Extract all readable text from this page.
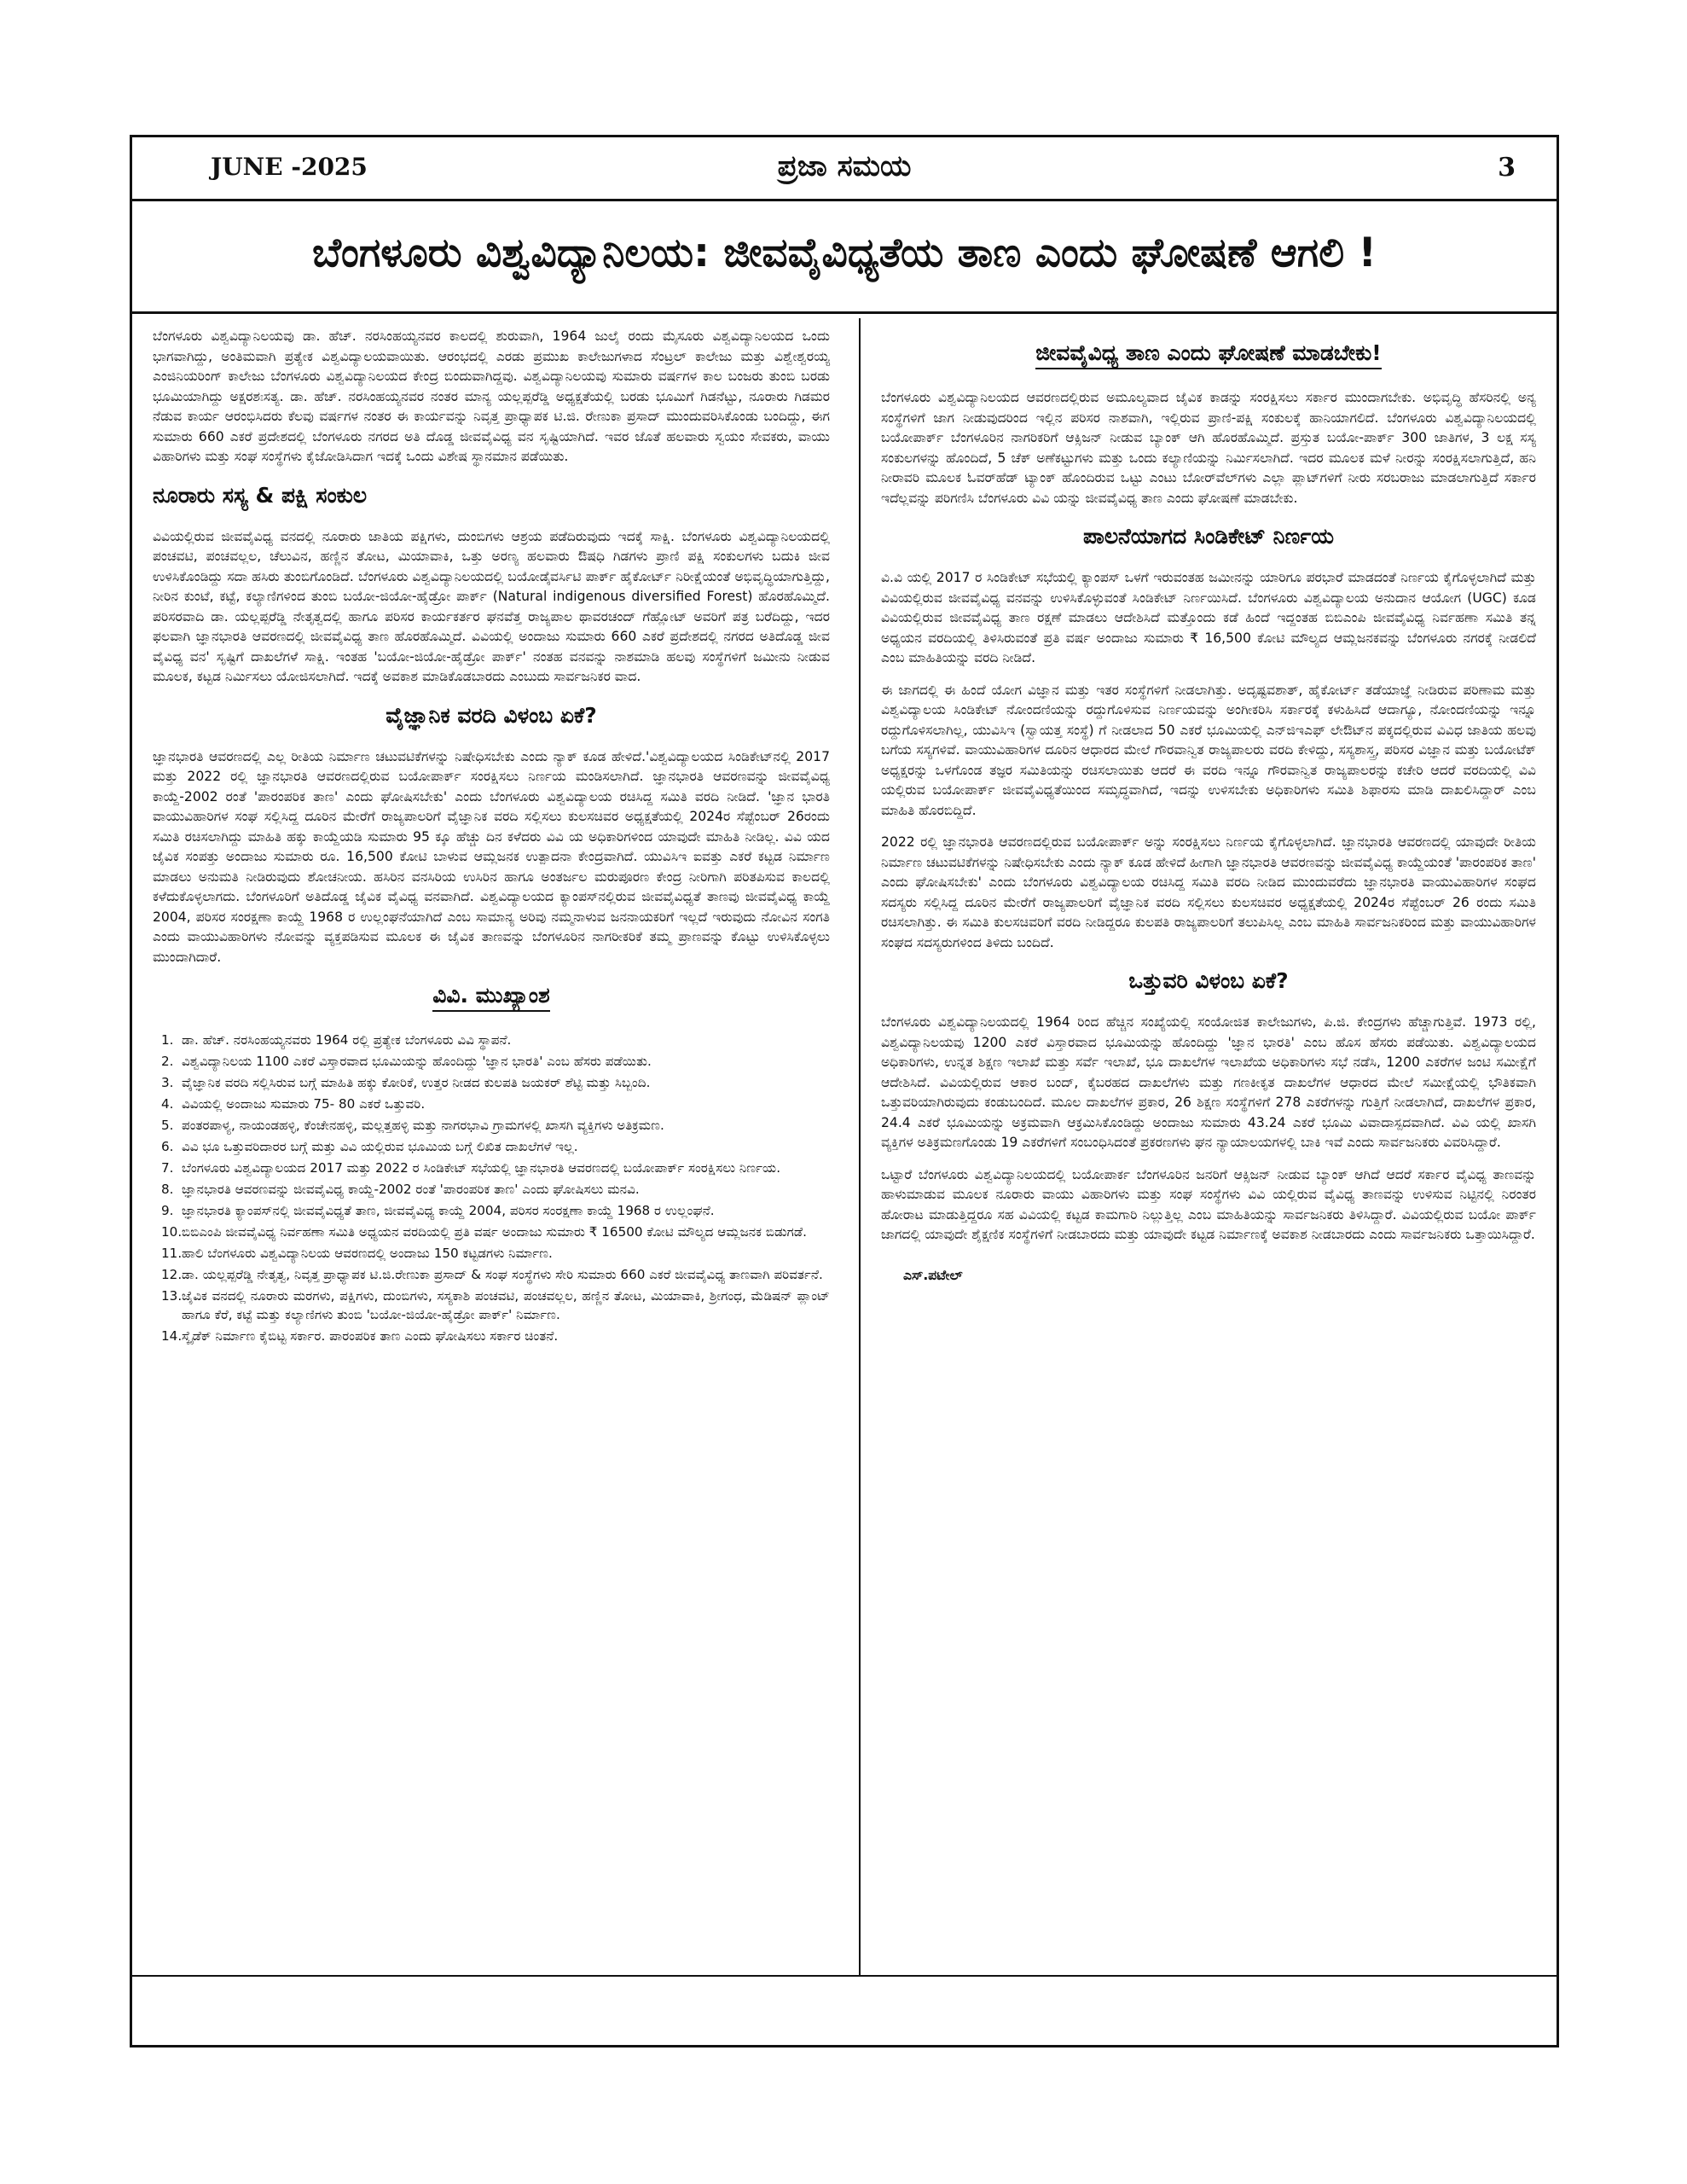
JUNE -2025	ಪ್ರಜಾ ಸಮಯ	3
ಬೆಂಗಳೂರು ವಿಶ್ವವಿದ್ಯಾನಿಲಯ: ಜೀವವೈವಿಧ್ಯತೆಯ ತಾಣ ಎಂದು ಘೋಷಣೆ ಆಗಲಿ !

ಬೆಂಗಳೂರು ವಿಶ್ವವಿದ್ಯಾನಿಲಯವು ಡಾ. ಹೆಚ್. ನರಸಿಂಹಯ್ಯನವರ ಕಾಲದಲ್ಲಿ ಶುರುವಾಗಿ, 1964 ಜುಲೈ ರಂದು ಮೈಸೂರು ವಿಶ್ವವಿದ್ಯಾನಿಲಯದ ಒಂದು ಭಾಗವಾಗಿದ್ದು, ಅಂತಿಮವಾಗಿ ಪ್ರತ್ಯೇಕ ವಿಶ್ವವಿದ್ಯಾಲಯವಾಯಿತು. ಆರಂಭದಲ್ಲಿ ಎರಡು ಪ್ರಮುಖ ಕಾಲೇಜುಗಳಾದ ಸೆಂಟ್ರಲ್ ಕಾಲೇಜು ಮತ್ತು ವಿಶ್ವೇಶ್ವರಯ್ಯ ಎಂಜಿನಿಯರಿಂಗ್ ಕಾಲೇಜು ಬೆಂಗಳೂರು ವಿಶ್ವವಿದ್ಯಾನಿಲಯದ ಕೇಂದ್ರ ಬಿಂದುವಾಗಿದ್ದವು. ವಿಶ್ವವಿದ್ಯಾನಿಲಯವು ಸುಮಾರು ವರ್ಷಗಳ ಕಾಲ ಬಂಜರು ತುಂಬಿ ಬರಡು ಭೂಮಿಯಾಗಿದ್ದು ಅಕ್ಷರಶಃಸತ್ಯ. ಡಾ. ಹೆಚ್. ನರಸಿಂಹಯ್ಯನವರ ನಂತರ ಮಾನ್ಯ ಯಲ್ಲಪ್ಪರೆಡ್ಡಿ ಅಧ್ಯಕ್ಷತೆಯಲ್ಲಿ ಬರಡು ಭೂಮಿಗೆ ಗಿಡನೆಟ್ಟು, ನೂರಾರು ಗಿಡಮರ ನೆಡುವ ಕಾರ್ಯ ಆರಂಭಿಸಿದರು ಕೆಲವು ವರ್ಷಗಳ ನಂತರ ಈ ಕಾರ್ಯವನ್ನು ನಿವೃತ್ತ ಪ್ರಾಧ್ಯಾಪಕ ಟಿ.ಜಿ. ರೇಣುಕಾ ಪ್ರಸಾದ್ ಮುಂದುವರಿಸಿಕೊಂಡು ಬಂದಿದ್ದು, ಈಗ ಸುಮಾರು 660 ಎಕರೆ ಪ್ರದೇಶದಲ್ಲಿ ಬೆಂಗಳೂರು ನಗರದ ಅತಿ ದೊಡ್ಡ ಜೀವವೈವಿಧ್ಯ ವನ ಸೃಷ್ಟಿಯಾಗಿದೆ. ಇವರ ಜೊತೆ ಹಲವಾರು ಸ್ವಯಂ ಸೇವಕರು, ವಾಯು ವಿಹಾರಿಗಳು ಮತ್ತು ಸಂಘ ಸಂಸ್ಥೆಗಳು ಕೈಜೋಡಿಸಿದಾಗ ಇದಕ್ಕೆ ಒಂದು ವಿಶೇಷ ಸ್ಥಾನಮಾನ ಪಡೆಯಿತು.

ನೂರಾರು ಸಸ್ಯ & ಪಕ್ಷಿ ಸಂಕುಲ

ವಿವಿಯಲ್ಲಿರುವ ಜೀವವೈವಿಧ್ಯ ವನದಲ್ಲಿ ನೂರಾರು ಜಾತಿಯ ಪಕ್ಷಿಗಳು, ದುಂಬಿಗಳು ಆಶ್ರಯ ಪಡೆದಿರುವುದು ಇದಕ್ಕೆ ಸಾಕ್ಷಿ. ಬೆಂಗಳೂರು ವಿಶ್ವವಿದ್ಯಾನಿಲಯದಲ್ಲಿ ಪಂಚವಟಿ, ಪಂಚವಲ್ಲಲ, ಚೆಲುವಿನ, ಹಣ್ಣಿನ ತೋಟ, ಮಿಯಾವಾಕಿ, ಒತ್ತು ಅರಣ್ಯ ಹಲವಾರು ಔಷಧಿ ಗಿಡಗಳು ಪ್ರಾಣಿ ಪಕ್ಷಿ ಸಂಕುಲಗಳು ಬದುಕಿ ಜೀವ ಉಳಿಸಿಕೊಂಡಿದ್ದು ಸದಾ ಹಸಿರು ತುಂಬಿಗೊಂಡಿದೆ. ಬೆಂಗಳೂರು ವಿಶ್ವವಿದ್ಯಾನಿಲಯದಲ್ಲಿ ಬಯೋಡೈವರ್ಸಿಟಿ ಪಾರ್ಕ್ ಹೈಕೋರ್ಟ್ ನಿರೀಕ್ಷೆಯಂತೆ ಅಭಿವೃದ್ಧಿಯಾಗುತ್ತಿದ್ದು, ನೀರಿನ ಕುಂಟೆ, ಕಟ್ಟೆ, ಕಲ್ಯಾಣಿಗಳಿಂದ ತುಂಬಿ ಬಯೋ-ಜಿಯೋ-ಹೈಡ್ರೋ ಪಾರ್ಕ್ (Natural indigenous diversified Forest) ಹೊರಹೊಮ್ಮಿದೆ. ಪರಿಸರವಾದಿ ಡಾ. ಯಲ್ಲಪ್ಪರೆಡ್ಡಿ ನೇತೃತ್ವದಲ್ಲಿ ಹಾಗೂ ಪರಿಸರ ಕಾರ್ಯಕರ್ತರ ಘನವೆತ್ತ ರಾಜ್ಯಪಾಲ ಥಾವರಚಂದ್ ಗೆಹ್ಲೋಟ್ ಅವರಿಗೆ ಪತ್ರ ಬರೆದಿದ್ದು, ಇದರ ಫಲವಾಗಿ ಜ್ಞಾನಭಾರತಿ ಆವರಣದಲ್ಲಿ ಜೀವವೈವಿಧ್ಯ ತಾಣ ಹೊರಹೊಮ್ಮಿದೆ. ವಿವಿಯಲ್ಲಿ ಅಂದಾಜು ಸುಮಾರು 660 ಎಕರೆ ಪ್ರದೇಶದಲ್ಲಿ ನಗರದ ಅತಿದೊಡ್ಡ ಜೀವ ವೈವಿಧ್ಯ ವನ' ಸೃಷ್ಟಿಗೆ ದಾಖಲೆಗಳೆ ಸಾಕ್ಷಿ. ಇಂತಹ 'ಬಯೋ-ಜಿಯೋ-ಹೈಡ್ರೋ ಪಾರ್ಕ್' ನಂತಹ ವನವನ್ನು ನಾಶಮಾಡಿ ಹಲವು ಸಂಸ್ಥೆಗಳಿಗೆ ಜಮೀನು ನೀಡುವ ಮೂಲಕ, ಕಟ್ಟಡ ನಿರ್ಮಿಸಲು ಯೋಜಿಸಲಾಗಿದೆ. ಇದಕ್ಕೆ ಅವಕಾಶ ಮಾಡಿಕೊಡಬಾರದು ಎಂಬುದು ಸಾರ್ವಜನಿಕರ ವಾದ.

ವೈಜ್ಞಾನಿಕ ವರದಿ ವಿಳಂಬ ಏಕೆ?

ಜ್ಞಾನಭಾರತಿ ಆವರಣದಲ್ಲಿ ಎಲ್ಲ ರೀತಿಯ ನಿರ್ಮಾಣ ಚಟುವಟಿಕೆಗಳನ್ನು ನಿಷೇಧಿಸಬೇಕು ಎಂದು ನ್ಯಾಕ್ ಕೂಡ ಹೇಳಿದೆ.'ವಿಶ್ವವಿದ್ಯಾಲಯದ ಸಿಂಡಿಕೇಟ್‌ನಲ್ಲಿ 2017 ಮತ್ತು 2022 ರಲ್ಲಿ ಜ್ಞಾನಭಾರತಿ ಆವರಣದಲ್ಲಿರುವ ಬಯೋಪಾರ್ಕ್ ಸಂರಕ್ಷಿಸಲು ನಿರ್ಣಯ ಮಂಡಿಸಲಾಗಿದೆ. ಜ್ಞಾನಭಾರತಿ ಆವರಣವನ್ನು ಜೀವವೈವಿಧ್ಯ ಕಾಯ್ದೆ-2002 ರಂತೆ 'ಪಾರಂಪರಿಕ ತಾಣ' ಎಂದು ಘೋಷಿಸಬೇಕು' ಎಂದು ಬೆಂಗಳೂರು ವಿಶ್ವವಿದ್ಯಾಲಯ ರಚಿಸಿದ್ದ ಸಮಿತಿ ವರದಿ ನೀಡಿದೆ. 'ಜ್ಞಾನ ಭಾರತಿ ವಾಯುವಿಹಾರಿಗಳ ಸಂಘ ಸಲ್ಲಿಸಿದ್ದ ದೂರಿನ ಮೇರೆಗೆ ರಾಜ್ಯಪಾಲರಿಗೆ ವೈಜ್ಞಾನಿಕ ವರದಿ ಸಲ್ಲಿಸಲು ಕುಲಸಚಿವರ ಅಧ್ಯಕ್ಷತೆಯಲ್ಲಿ 2024ರ ಸೆಪ್ಟೆಂಬರ್ 26ರಂದು ಸಮಿತಿ ರಚಿಸಲಾಗಿದ್ದು ಮಾಹಿತಿ ಹಕ್ಕು ಕಾಯ್ದೆಯಡಿ ಸುಮಾರು 95 ಕ್ಕೂ ಹೆಚ್ಚು ದಿನ ಕಳೆದರು ವಿವಿ ಯ ಅಧಿಕಾರಿಗಳಿಂದ ಯಾವುದೇ ಮಾಹಿತಿ ನೀಡಿಲ್ಲ. ವಿವಿ ಯದ ಜೈವಿಕ ಸಂಪತ್ತು ಅಂದಾಜು ಸುಮಾರು ರೂ. 16,500 ಕೋಟಿ ಬಾಳುವ ಆಮ್ಲಜನಕ ಉತ್ಪಾದನಾ ಕೇಂದ್ರವಾಗಿದೆ. ಯುವಿಸಿಇ ಐವತ್ತು ಎಕರೆ ಕಟ್ಟಡ ನಿರ್ಮಾಣ ಮಾಡಲು ಅನುಮತಿ ನೀಡಿರುವುದು ಶೋಚನೀಯ. ಹಸಿರಿನ ವನಸಿರಿಯ ಉಸಿರಿನ ಹಾಗೂ ಅಂತರ್ಜಲ ಮರುಪೂರಣ ಕೇಂದ್ರ ನೀರಿಗಾಗಿ ಪರಿತಪಿಸುವ ಕಾಲದಲ್ಲಿ ಕಳೆದುಕೊಳ್ಳಲಾಗದು. ಬೆಂಗಳೂರಿಗೆ ಅತಿದೊಡ್ಡ ಜೈವಿಕ ವೈವಿಧ್ಯ ವನವಾಗಿದೆ. ವಿಶ್ವವಿದ್ಯಾಲಯದ ಕ್ಯಾಂಪಸ್‌ನಲ್ಲಿರುವ ಜೀವವೈವಿಧ್ಯತೆ ತಾಣವು ಜೀವವೈವಿಧ್ಯ ಕಾಯ್ದೆ 2004, ಪರಿಸರ ಸಂರಕ್ಷಣಾ ಕಾಯ್ದೆ 1968 ರ ಉಲ್ಲಂಘನೆಯಾಗಿದೆ ಎಂಬ ಸಾಮಾನ್ಯ ಅರಿವು ನಮ್ಮನಾಳುವ ಜನನಾಯಕರಿಗೆ ಇಲ್ಲದೆ ಇರುವುದು ನೋವಿನ ಸಂಗತಿ ಎಂದು ವಾಯುವಿಹಾರಿಗಳು ನೋವನ್ನು ವ್ಯಕ್ತಪಡಿಸುವ ಮೂಲಕ ಈ ಜೈವಿಕ ತಾಣವನ್ನು ಬೆಂಗಳೂರಿನ ನಾಗರೀಕರಿಕೆ ತಮ್ಮ ಪ್ರಾಣವನ್ನು ಕೊಟ್ಟು ಉಳಿಸಿಕೊಳ್ಳಲು ಮುಂದಾಗಿದಾರೆ.

ವಿವಿ. ಮುಖ್ಯಾಂಶ
1. ಡಾ. ಹೆಚ್. ನರಸಿಂಹಯ್ಯನವರು 1964 ರಲ್ಲಿ ಪ್ರತ್ಯೇಕ ಬೆಂಗಳೂರು ವಿವಿ ಸ್ಥಾಪನೆ.
2. ವಿಶ್ವವಿದ್ಯಾನಿಲಯ 1100 ಎಕರೆ ವಿಸ್ತಾರವಾದ ಭೂಮಿಯನ್ನು ಹೊಂದಿದ್ದು 'ಜ್ಞಾನ ಭಾರತಿ' ಎಂಬ ಹೆಸರು ಪಡೆಯಿತು.
3. ವೈಜ್ಞಾನಿಕ ವರದಿ ಸಲ್ಲಿಸಿರುವ ಬಗ್ಗೆ ಮಾಹಿತಿ ಹಕ್ಕು ಕೋರಿಕೆ, ಉತ್ತರ ನೀಡದ ಕುಲಪತಿ ಜಯಕರ್ ಶೆಟ್ಟಿ ಮತ್ತು ಸಿಬ್ಬಂದಿ.
4. ವಿವಿಯಲ್ಲಿ ಅಂದಾಜು ಸುಮಾರು 75- 80 ಎಕರೆ ಒತ್ತುವರಿ.
5. ಪಂತರಪಾಳ್ಯ, ನಾಯಂಡಹಳ್ಳಿ, ಕೆಂಚೇನಹಳ್ಳಿ, ಮಲ್ಲತ್ತಹಳ್ಳಿ ಮತ್ತು ನಾಗರಭಾವಿ ಗ್ರಾಮಗಳಲ್ಲಿ ಖಾಸಗಿ ವ್ಯಕ್ತಿಗಳು ಅತಿಕ್ರಮಣ.
6. ವಿವಿ ಭೂ ಒತ್ತುವರಿದಾರರ ಬಗ್ಗೆ ಮತ್ತು ವಿವಿ ಯಲ್ಲಿರುವ ಭೂಮಿಯ ಬಗ್ಗೆ ಲಿಖಿತ ದಾಖಲೆಗಳೆ ಇಲ್ಲ.
7. ಬೆಂಗಳೂರು ವಿಶ್ವವಿದ್ಯಾಲಯದ 2017 ಮತ್ತು 2022 ರ ಸಿಂಡಿಕೇಟ್ ಸಭೆಯಲ್ಲಿ ಜ್ಞಾನಭಾರತಿ ಆವರಣದಲ್ಲಿ ಬಯೋಪಾರ್ಕ್ ಸಂರಕ್ಷಿಸಲು ನಿರ್ಣಯ.
8. ಜ್ಞಾನಭಾರತಿ ಆವರಣವನ್ನು ಜೀವವೈವಿಧ್ಯ ಕಾಯ್ದೆ-2002 ರಂತೆ 'ಪಾರಂಪರಿಕ ತಾಣ' ಎಂದು ಘೋಷಿಸಲು ಮನವಿ.
9. ಜ್ಞಾನಭಾರತಿ ಕ್ಯಾಂಪಸ್‌ನಲ್ಲಿ ಜೀವವೈವಿಧ್ಯತೆ ತಾಣ, ಜೀವವೈವಿಧ್ಯ ಕಾಯ್ದೆ 2004, ಪರಿಸರ ಸಂರಕ್ಷಣಾ ಕಾಯ್ದೆ 1968 ರ ಉಲ್ಲಂಘನೆ.
10.ಬಿಬಿಎಂಪಿ ಜೀವವೈವಿಧ್ಯ ನಿರ್ವಹಣಾ ಸಮಿತಿ ಅಧ್ಯಯನ ವರದಿಯಲ್ಲಿ ಪ್ರತಿ ವರ್ಷ ಅಂದಾಜು ಸುಮಾರು ₹ 16500 ಕೋಟಿ ಮೌಲ್ಯದ ಆಮ್ಲಜನಕ ಬಿಡುಗಡೆ.
11.ಹಾಲಿ ಬೆಂಗಳೂರು ವಿಶ್ವವಿದ್ಯಾನಿಲಯ ಆವರಣದಲ್ಲಿ ಅಂದಾಜು 150 ಕಟ್ಟಡಗಳು ನಿರ್ಮಾಣ.
12.ಡಾ. ಯಲ್ಲಪ್ಪರೆಡ್ಡಿ ನೇತೃತ್ವ, ನಿವೃತ್ತ ಪ್ರಾಧ್ಯಾಪಕ ಟಿ.ಜಿ.ರೇಣುಕಾ ಪ್ರಸಾದ್ & ಸಂಘ ಸಂಸ್ಥೆಗಳು ಸೇರಿ ಸುಮಾರು 660 ಎಕರೆ ಜೀವವೈವಿಧ್ಯ ತಾಣವಾಗಿ ಪರಿವರ್ತನೆ.
13.ಜೈವಿಕ ವನದಲ್ಲಿ ನೂರಾರು ಮರಗಳು, ಪಕ್ಷಿಗಳು, ದುಂಬಿಗಳು, ಸಸ್ಯಕಾಶಿ ಪಂಚವಟಿ, ಪಂಚವಲ್ಲಲ, ಹಣ್ಣಿನ ತೋಟ, ಮಿಯಾವಾಕಿ, ಶ್ರೀಗಂಧ, ಮೆಡಿಷನ್ ಪ್ಲಾಂಟ್ ಹಾಗೂ ಕೆರೆ, ಕಟ್ಟೆ ಮತ್ತು ಕಲ್ಯಾಣಿಗಳು ತುಂಬಿ 'ಬಯೋ-ಜಿಯೋ-ಹೈಡ್ರೋ ಪಾರ್ಕ್' ನಿರ್ಮಾಣ.
14.ಸ್ಕೈಡೆಕ್ ನಿರ್ಮಾಣ ಕೈಬಿಟ್ಟ ಸರ್ಕಾರ. ಪಾರಂಪರಿಕ ತಾಣ ಎಂದು ಘೋಷಿಸಲು ಸರ್ಕಾರ ಚಿಂತನೆ.
ಜೀವವೈವಿಧ್ಯ ತಾಣ ಎಂದು ಘೋಷಣೆ ಮಾಡಬೇಕು!

ಬೆಂಗಳೂರು ವಿಶ್ವವಿದ್ಯಾನಿಲಯದ ಆವರಣದಲ್ಲಿರುವ ಅಮೂಲ್ಯವಾದ ಜೈವಿಕ ಕಾಡನ್ನು ಸಂರಕ್ಷಿಸಲು ಸರ್ಕಾರ ಮುಂದಾಗಬೇಕು. ಅಭಿವೃದ್ಧಿ ಹೆಸರಿನಲ್ಲಿ ಅನ್ಯ ಸಂಸ್ಥೆಗಳಿಗೆ ಜಾಗ ನೀಡುವುದರಿಂದ ಇಲ್ಲಿನ ಪರಿಸರ ನಾಶವಾಗಿ, ಇಲ್ಲಿರುವ ಪ್ರಾಣಿ-ಪಕ್ಷಿ ಸಂಕುಲಕ್ಕೆ ಹಾನಿಯಾಗಲಿದೆ. ಬೆಂಗಳೂರು ವಿಶ್ವವಿದ್ಯಾನಿಲಯದಲ್ಲಿ ಬಯೋಪಾರ್ಕ್ ಬೆಂಗಳೂರಿನ ನಾಗರಿಕರಿಗೆ ಆಕ್ಸಿಜನ್ ನೀಡುವ ಬ್ಯಾಂಕ್ ಆಗಿ ಹೊರಹೊಮ್ಮಿದೆ. ಪ್ರಸ್ತುತ ಬಯೋ-ಪಾರ್ಕ್ 300 ಜಾತಿಗಳ, 3 ಲಕ್ಷ ಸಸ್ಯ ಸಂಕುಲಗಳನ್ನು ಹೊಂದಿದೆ, 5 ಚೆಕ್ ಅಣೆಕಟ್ಟುಗಳು ಮತ್ತು ಒಂದು ಕಲ್ಯಾಣಿಯನ್ನು ನಿರ್ಮಿಸಲಾಗಿದೆ. ಇದರ ಮೂಲಕ ಮಳೆ ನೀರನ್ನು ಸಂರಕ್ಷಿಸಲಾಗುತ್ತಿದೆ, ಹನಿ ನೀರಾವರಿ ಮೂಲಕ ಓವರ್‌ಹೆಡ್ ಟ್ಯಾಂಕ್ ಹೊಂದಿರುವ ಒಟ್ಟು ಎಂಟು ಬೋರ್‌ವೆಲ್‌ಗಳು ಎಲ್ಲಾ ಪ್ಲಾಟ್‌ಗಳಿಗೆ ನೀರು ಸರಬರಾಜು ಮಾಡಲಾಗುತ್ತಿದೆ ಸರ್ಕಾರ ಇದೆಲ್ಲವನ್ನು ಪರಿಗಣಿಸಿ ಬೆಂಗಳೂರು ವಿವಿ ಯನ್ನು ಜೀವವೈವಿಧ್ಯ ತಾಣ ಎಂದು ಘೋಷಣೆ ಮಾಡಬೇಕು.

ಪಾಲನೆಯಾಗದ ಸಿಂಡಿಕೇಟ್ ನಿರ್ಣಯ

ವಿ.ವಿ ಯಲ್ಲಿ 2017 ರ ಸಿಂಡಿಕೇಟ್ ಸಭೆಯಲ್ಲಿ ಕ್ಯಾಂಪಸ್ ಒಳಗೆ ಇರುವಂತಹ ಜಮೀನನ್ನು ಯಾರಿಗೂ ಪರಭಾರೆ ಮಾಡದಂತೆ ನಿರ್ಣಯ ಕೈಗೊಳ್ಳಲಾಗಿದೆ ಮತ್ತು ವಿವಿಯಲ್ಲಿರುವ ಜೀವವೈವಿಧ್ಯ ವನವನ್ನು ಉಳಿಸಿಕೊಳ್ಳುವಂತೆ ಸಿಂಡಿಕೇಟ್ ನಿರ್ಣಯಿಸಿದೆ. ಬೆಂಗಳೂರು ವಿಶ್ವವಿದ್ಯಾಲಯ ಅನುದಾನ ಆಯೋಗ (UGC) ಕೂಡ ವಿವಿಯಲ್ಲಿರುವ ಜೀವವೈವಿಧ್ಯ ತಾಣ ರಕ್ಷಣೆ ಮಾಡಲು ಆದೇಶಿಸಿದೆ ಮತ್ತೊಂದು ಕಡೆ ಹಿಂದೆ ಇದ್ದಂತಹ ಬಿಬಿಎಂಪಿ ಜೀವವೈವಿಧ್ಯ ನಿರ್ವಹಣಾ ಸಮಿತಿ ತನ್ನ ಅಧ್ಯಯನ ವರದಿಯಲ್ಲಿ ತಿಳಿಸಿರುವಂತೆ ಪ್ರತಿ ವರ್ಷ ಅಂದಾಜು ಸುಮಾರು ₹ 16,500 ಕೋಟಿ ಮೌಲ್ಯದ ಆಮ್ಲಜನಕವನ್ನು ಬೆಂಗಳೂರು ನಗರಕ್ಕೆ ನೀಡಲಿದೆ ಎಂಬ ಮಾಹಿತಿಯನ್ನು ವರದಿ ನೀಡಿದೆ.

ಈ ಜಾಗದಲ್ಲಿ ಈ ಹಿಂದೆ ಯೋಗ ವಿಜ್ಞಾನ ಮತ್ತು ಇತರ ಸಂಸ್ಥೆಗಳಿಗೆ ನೀಡಲಾಗಿತ್ತು. ಅದೃಷ್ಟವಶಾತ್, ಹೈಕೋರ್ಟ್ ತಡೆಯಾಜ್ಞೆ ನೀಡಿರುವ ಪರಿಣಾಮ ಮತ್ತು ವಿಶ್ವವಿದ್ಯಾಲಯ ಸಿಂಡಿಕೇಟ್ ನೋಂದಣಿಯನ್ನು ರದ್ದುಗೊಳಿಸುವ ನಿರ್ಣಯವನ್ನು ಅಂಗೀಕರಿಸಿ ಸರ್ಕಾರಕ್ಕೆ ಕಳುಹಿಸಿದೆ ಆದಾಗ್ಯೂ, ನೋಂದಣಿಯನ್ನು ಇನ್ನೂ ರದ್ದುಗೊಳಿಸಲಾಗಿಲ್ಲ, ಯುವಿಸಿಇ (ಸ್ವಾಯತ್ತ ಸಂಸ್ಥೆ) ಗೆ ನೀಡಲಾದ 50 ಎಕರೆ ಭೂಮಿಯಲ್ಲಿ ಎನ್‌ಜಿಇಎಫ್ ಲೇಔಟ್‌ನ ಪಕ್ಕದಲ್ಲಿರುವ ವಿವಿಧ ಜಾತಿಯ ಹಲವು ಬಗೆಯ ಸಸ್ಯಗಳಿವೆ. ವಾಯುವಿಹಾರಿಗಳ ದೂರಿನ ಆಧಾರದ ಮೇಲೆ ಗೌರವಾನ್ವಿತ ರಾಜ್ಯಪಾಲರು ವರದಿ ಕೇಳಿದ್ದು, ಸಸ್ಯಶಾಸ್ತ್ರ, ಪರಿಸರ ವಿಜ್ಞಾನ ಮತ್ತು ಬಯೋಟೆಕ್ ಅಧ್ಯಕ್ಷರನ್ನು ಒಳಗೊಂಡ ತಜ್ಞರ ಸಮಿತಿಯನ್ನು ರಚಿಸಲಾಯಿತು ಆದರೆ ಈ ವರದಿ ಇನ್ನೂ ಗೌರವಾನ್ವಿತ ರಾಜ್ಯಪಾಲರನ್ನು ಕಚೇರಿ ಆದರೆ ವರದಿಯಲ್ಲಿ ವಿವಿ ಯಲ್ಲಿರುವ ಬಯೋಪಾರ್ಕ್ ಜೀವವೈವಿಧ್ಯತೆಯಿಂದ ಸಮೃದ್ಧವಾಗಿದೆ, ಇದನ್ನು ಉಳಿಸಬೇಕು ಅಧಿಕಾರಿಗಳು ಸಮಿತಿ ಶಿಫಾರಸು ಮಾಡಿ ದಾಖಲಿಸಿದ್ದಾರ್ ಎಂಬ ಮಾಹಿತಿ ಹೊರಬಿದ್ದಿದೆ.

2022 ರಲ್ಲಿ ಜ್ಞಾನಭಾರತಿ ಆವರಣದಲ್ಲಿರುವ ಬಯೋಪಾರ್ಕ್ ಅನ್ನು ಸಂರಕ್ಷಿಸಲು ನಿರ್ಣಯ ಕೈಗೊಳ್ಳಲಾಗಿದೆ. ಜ್ಞಾನಭಾರತಿ ಆವರಣದಲ್ಲಿ ಯಾವುದೇ ರೀತಿಯ ನಿರ್ಮಾಣ ಚಟುವಟಿಕೆಗಳನ್ನು ನಿಷೇಧಿಸಬೇಕು ಎಂದು ನ್ಯಾಕ್ ಕೂಡ ಹೇಳಿದೆ ಹೀಗಾಗಿ ಜ್ಞಾನಭಾರತಿ ಆವರಣವನ್ನು ಜೀವವೈವಿಧ್ಯ ಕಾಯ್ದೆಯಂತೆ 'ಪಾರಂಪರಿಕ ತಾಣ' ಎಂದು ಘೋಷಿಸಬೇಕು' ಎಂದು ಬೆಂಗಳೂರು ವಿಶ್ವವಿದ್ಯಾಲಯ ರಚಿಸಿದ್ದ ಸಮಿತಿ ವರದಿ ನೀಡಿದ ಮುಂದುವರೆದು ಜ್ಞಾನಭಾರತಿ ವಾಯುವಿಹಾರಿಗಳ ಸಂಘದ ಸದಸ್ಯರು ಸಲ್ಲಿಸಿದ್ದ ದೂರಿನ ಮೇರೆಗೆ ರಾಜ್ಯಪಾಲರಿಗೆ ವೈಜ್ಞಾನಿಕ ವರದಿ ಸಲ್ಲಿಸಲು ಕುಲಸಚಿವರ ಅಧ್ಯಕ್ಷತೆಯಲ್ಲಿ 2024ರ ಸೆಪ್ಟೆಂಬರ್ 26 ರಂದು ಸಮಿತಿ ರಚಿಸಲಾಗಿತ್ತು. ಈ ಸಮಿತಿ ಕುಲಸಚಿವರಿಗೆ ವರದಿ ನೀಡಿದ್ದರೂ ಕುಲಪತಿ ರಾಜ್ಯಪಾಲರಿಗೆ ತಲುಪಿಸಿಲ್ಲ ಎಂಬ ಮಾಹಿತಿ ಸಾರ್ವಜನಿಕರಿಂದ ಮತ್ತು ವಾಯುವಿಹಾರಿಗಳ ಸಂಘದ ಸದಸ್ಯರುಗಳಿಂದ ತಿಳಿದು ಬಂದಿದೆ.

ಒತ್ತುವರಿ ವಿಳಂಬ ಏಕೆ?

ಬೆಂಗಳೂರು ವಿಶ್ವವಿದ್ಯಾನಿಲಯದಲ್ಲಿ 1964 ರಿಂದ ಹೆಚ್ಚಿನ ಸಂಖ್ಯೆಯಲ್ಲಿ ಸಂಯೋಜಿತ ಕಾಲೇಜುಗಳು, ಪಿ.ಜಿ. ಕೇಂದ್ರಗಳು ಹೆಚ್ಚಾಗುತ್ತಿವೆ. 1973 ರಲ್ಲಿ, ವಿಶ್ವವಿದ್ಯಾನಿಲಯವು 1200 ಎಕರೆ ವಿಸ್ತಾರವಾದ ಭೂಮಿಯನ್ನು ಹೊಂದಿದ್ದು 'ಜ್ಞಾನ ಭಾರತಿ' ಎಂಬ ಹೊಸ ಹೆಸರು ಪಡೆಯಿತು. ವಿಶ್ವವಿದ್ಯಾಲಯದ ಅಧಿಕಾರಿಗಳು, ಉನ್ನತ ಶಿಕ್ಷಣ ಇಲಾಖೆ ಮತ್ತು ಸರ್ವೆ ಇಲಾಖೆ, ಭೂ ದಾಖಲೆಗಳ ಇಲಾಖೆಯ ಅಧಿಕಾರಿಗಳು ಸಭೆ ನಡೆಸಿ, 1200 ಎಕರೆಗಳ ಜಂಟಿ ಸಮೀಕ್ಷೆಗೆ ಆದೇಶಿಸಿದೆ. ವಿವಿಯಲ್ಲಿರುವ ಆಕಾರ ಬಂದ್, ಕೈಬರಹದ ದಾಖಲೆಗಳು ಮತ್ತು ಗಣಕೀಕೃತ ದಾಖಲೆಗಳ ಆಧಾರದ ಮೇಲೆ ಸಮೀಕ್ಷೆಯಲ್ಲಿ ಭೌತಿಕವಾಗಿ ಒತ್ತುವರಿಯಾಗಿರುವುದು ಕಂಡುಬಂದಿದೆ. ಮೂಲ ದಾಖಲೆಗಳ ಪ್ರಕಾರ, 26 ಶಿಕ್ಷಣ ಸಂಸ್ಥೆಗಳಿಗೆ 278 ಎಕರೆಗಳನ್ನು ಗುತ್ತಿಗೆ ನೀಡಲಾಗಿದೆ, ದಾಖಲೆಗಳ ಪ್ರಕಾರ, 24.4 ಎಕರೆ ಭೂಮಿಯನ್ನು ಅಕ್ರಮವಾಗಿ ಆಕ್ರಮಿಸಿಕೊಂಡಿದ್ದು ಅಂದಾಜು ಸುಮಾರು 43.24 ಎಕರೆ ಭೂಮಿ ವಿವಾದಾಸ್ಪದವಾಗಿದೆ. ವಿವಿ ಯಲ್ಲಿ ಖಾಸಗಿ ವ್ಯಕ್ತಿಗಳ ಅತಿಕ್ರಮಣಗೊಂಡು 19 ಎಕರೆಗಳಿಗೆ ಸಂಬಂಧಿಸಿದಂತೆ ಪ್ರಕರಣಗಳು ಘನ ನ್ಯಾಯಾಲಯಗಳಲ್ಲಿ ಬಾಕಿ ಇವೆ ಎಂದು ಸಾರ್ವಜನಿಕರು ವಿವರಿಸಿದ್ದಾರೆ.

ಒಟ್ಟಾರೆ ಬೆಂಗಳೂರು ವಿಶ್ವವಿದ್ಯಾನಿಲಯದಲ್ಲಿ ಬಯೋಪಾರ್ಕ ಬೆಂಗಳೂರಿನ ಜನರಿಗೆ ಆಕ್ಸಿಜನ್ ನೀಡುವ ಬ್ಯಾಂಕ್ ಆಗಿದೆ ಆದರೆ ಸರ್ಕಾರ ವೈವಿಧ್ಯ ತಾಣವನ್ನು ಹಾಳುಮಾಡುವ ಮೂಲಕ ನೂರಾರು ವಾಯು ವಿಹಾರಿಗಳು ಮತ್ತು ಸಂಘ ಸಂಸ್ಥೆಗಳು ವಿವಿ ಯಲ್ಲಿರುವ ವೈವಿಧ್ಯ ತಾಣವನ್ನು ಉಳಿಸುವ ನಿಟ್ಟಿನಲ್ಲಿ ನಿರಂತರ ಹೋರಾಟ ಮಾಡುತ್ತಿದ್ದರೂ ಸಹ ವಿವಿಯಲ್ಲಿ ಕಟ್ಟಡ ಕಾಮಗಾರಿ ನಿಲ್ಲುತ್ತಿಲ್ಲ ಎಂಬ ಮಾಹಿತಿಯನ್ನು ಸಾರ್ವಜನಿಕರು ತಿಳಿಸಿದ್ದಾರೆ. ವಿವಿಯಲ್ಲಿರುವ ಬಯೋ ಪಾರ್ಕ್ ಜಾಗದಲ್ಲಿ ಯಾವುದೇ ಶೈಕ್ಷಣಿಕ ಸಂಸ್ಥೆಗಳಿಗೆ ನೀಡಬಾರದು ಮತ್ತು ಯಾವುದೇ ಕಟ್ಟಡ ನಿರ್ಮಾಣಕ್ಕೆ ಅವಕಾಶ ನೀಡಬಾರದು ಎಂದು ಸಾರ್ವಜನಿಕರು ಒತ್ತಾಯಿಸಿದ್ದಾರೆ.

ಎಸ್.ಪಟೇಲ್
